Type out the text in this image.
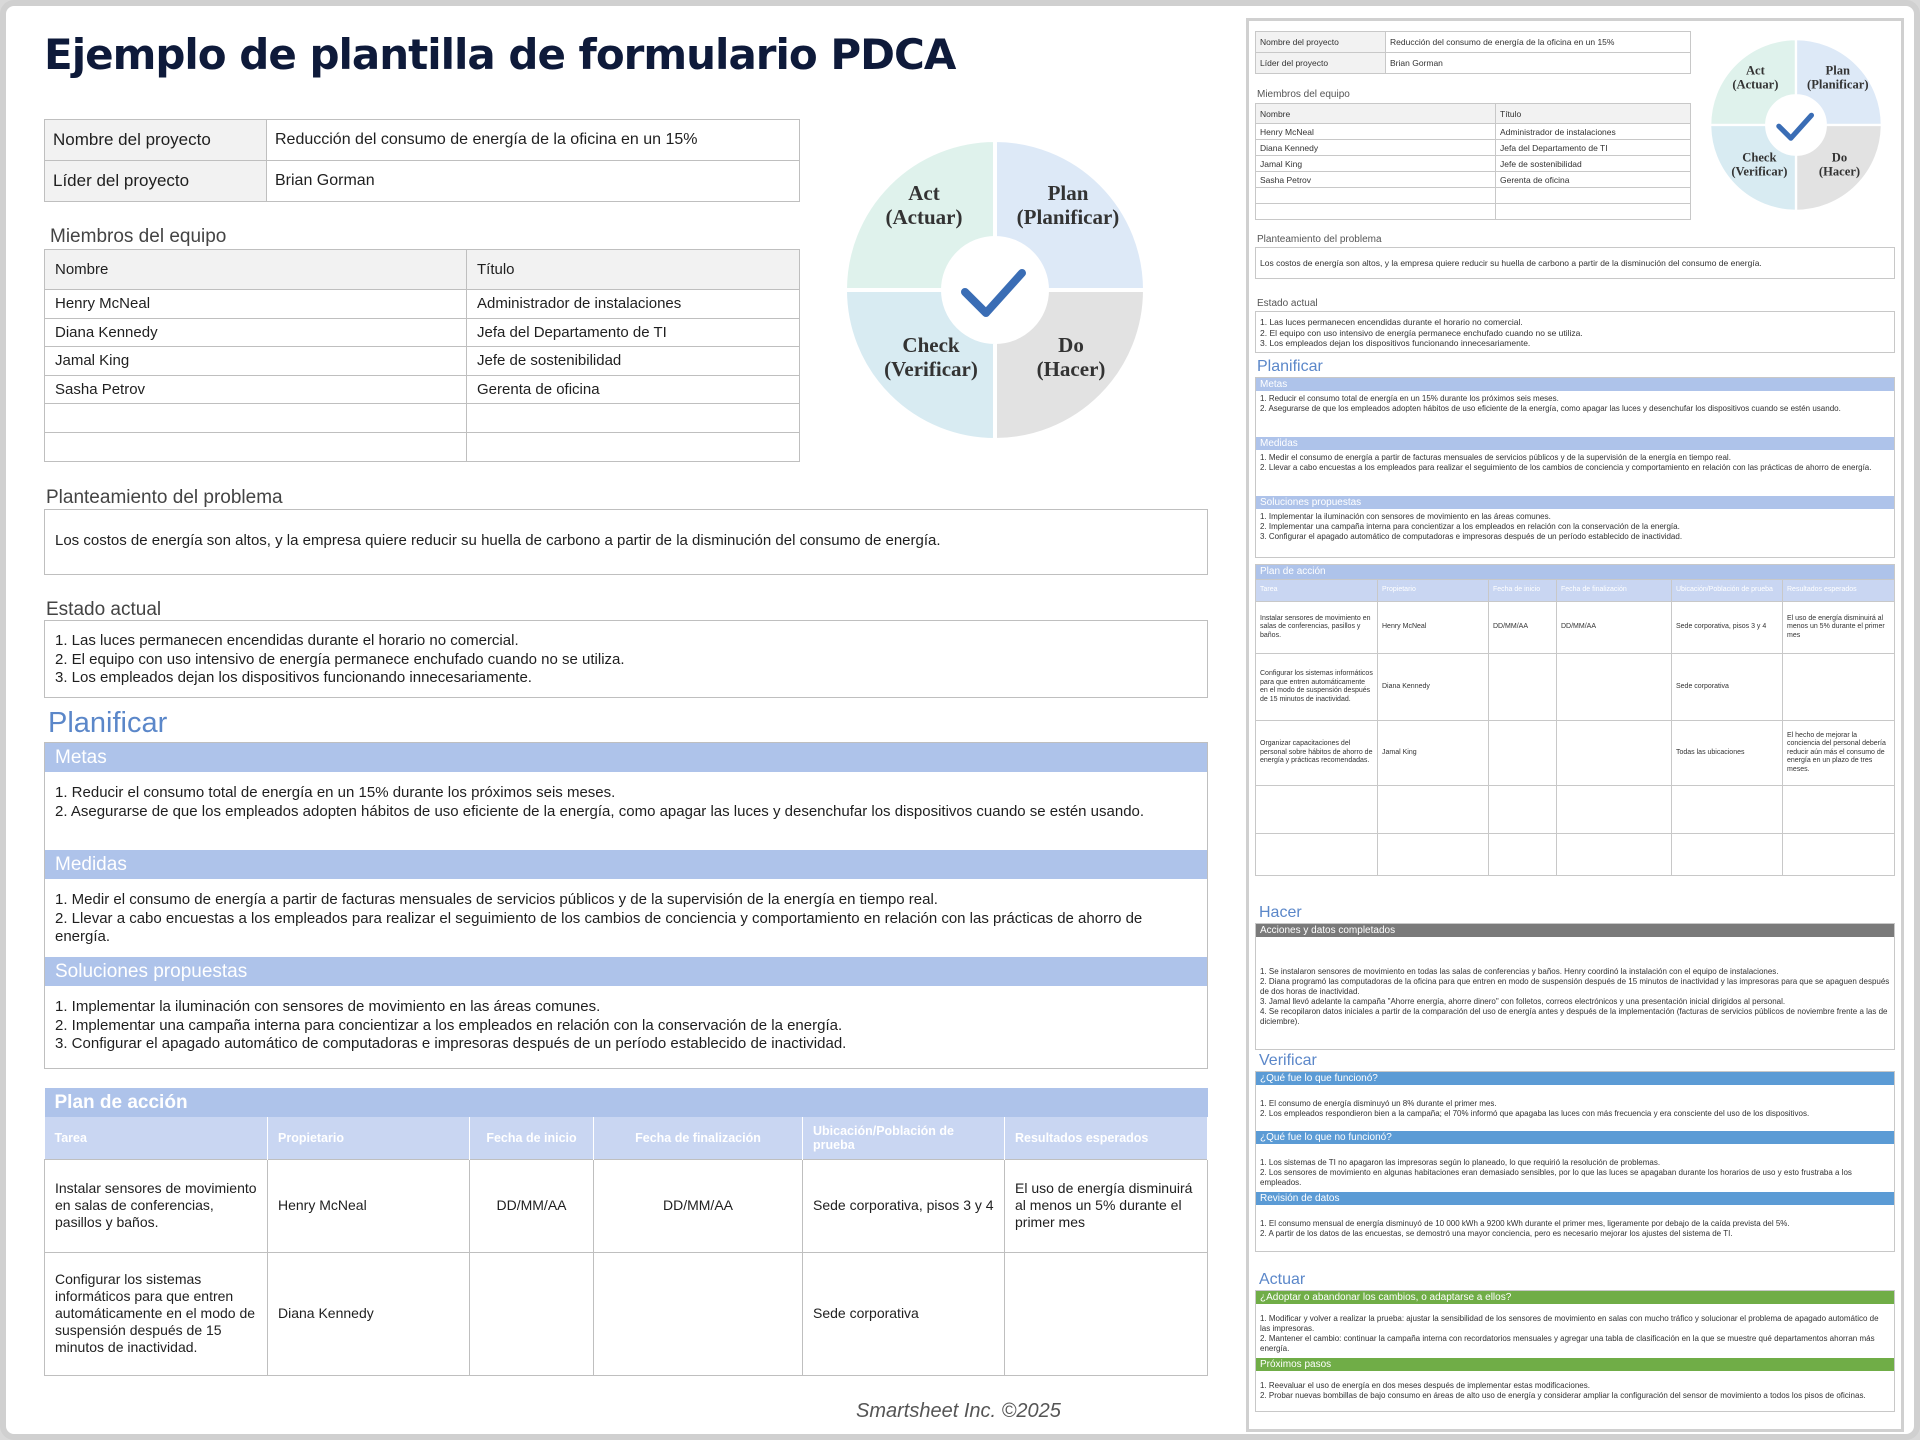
Ejemplo de plantilla de formulario PDCA
Nombre del proyecto	Reducción del consumo de energía de la oficina en un 15%
Líder del proyecto	Brian Gorman
Miembros del equipo
Nombre	Título
Henry McNeal	Administrador de instalaciones
Diana Kennedy	Jefa del Departamento de TI
Jamal King	Jefe de sostenibilidad
Sasha Petrov	Gerenta de oficina

Act
(Actuar)
Plan
(Planificar)
Check
(Verificar)
Do
(Hacer)
Planteamiento del problema
Los costos de energía son altos, y la empresa quiere reducir su huella de carbono a partir de la disminución del consumo de energía.
Estado actual
1. Las luces permanecen encendidas durante el horario no comercial.
2. El equipo con uso intensivo de energía permanece enchufado cuando no se utiliza.
3. Los empleados dejan los dispositivos funcionando innecesariamente.
Planificar
Metas
1. Reducir el consumo total de energía en un 15% durante los próximos seis meses.
2. Asegurarse de que los empleados adopten hábitos de uso eficiente de la energía, como apagar las luces y desenchufar los dispositivos cuando se estén usando.
Medidas
1. Medir el consumo de energía a partir de facturas mensuales de servicios públicos y de la supervisión de la energía en tiempo real.
2. Llevar a cabo encuestas a los empleados para realizar el seguimiento de los cambios de conciencia y comportamiento en relación con las prácticas de ahorro de energía.
Soluciones propuestas
1. Implementar la iluminación con sensores de movimiento en las áreas comunes.
2. Implementar una campaña interna para concientizar a los empleados en relación con la conservación de la energía.
3. Configurar el apagado automático de computadoras e impresoras después de un período establecido de inactividad.
Plan de acción					
Tarea	Propietario	Fecha de inicio	Fecha de finalización	Ubicación/Población de prueba	Resultados esperados
Instalar sensores de movimiento en salas de conferencias, pasillos y baños.	Henry McNeal	DD/MM/AA	DD/MM/AA	Sede corporativa, pisos 3 y 4	El uso de energía disminuirá al menos un 5% durante el primer mes
Configurar los sistemas informáticos para que entren automáticamente en el modo de suspensión después de 15 minutos de inactividad.	Diana Kennedy			Sede corporativa	
Smartsheet Inc. ©2025
Nombre del proyecto	Reducción del consumo de energía de la oficina en un 15%
Líder del proyecto	Brian Gorman
Miembros del equipo
Nombre	Título
Henry McNeal	Administrador de instalaciones
Diana Kennedy	Jefa del Departamento de TI
Jamal King	Jefe de sostenibilidad
Sasha Petrov	Gerenta de oficina

Act
(Actuar)
Plan
(Planificar)
Check
(Verificar)
Do
(Hacer)
Planteamiento del problema
Los costos de energía son altos, y la empresa quiere reducir su huella de carbono a partir de la disminución del consumo de energía.
Estado actual
1. Las luces permanecen encendidas durante el horario no comercial.
2. El equipo con uso intensivo de energía permanece enchufado cuando no se utiliza.
3. Los empleados dejan los dispositivos funcionando innecesariamente.
Planificar
Metas
1. Reducir el consumo total de energía en un 15% durante los próximos seis meses.
2. Asegurarse de que los empleados adopten hábitos de uso eficiente de la energía, como apagar las luces y desenchufar los dispositivos cuando se estén usando.
Medidas
1. Medir el consumo de energía a partir de facturas mensuales de servicios públicos y de la supervisión de la energía en tiempo real.
2. Llevar a cabo encuestas a los empleados para realizar el seguimiento de los cambios de conciencia y comportamiento en relación con las prácticas de ahorro de energía.
Soluciones propuestas
1. Implementar la iluminación con sensores de movimiento en las áreas comunes.
2. Implementar una campaña interna para concientizar a los empleados en relación con la conservación de la energía.
3. Configurar el apagado automático de computadoras e impresoras después de un período establecido de inactividad.
Plan de acción					
Tarea	Propietario	Fecha de inicio	Fecha de finalización	Ubicación/Población de prueba	Resultados esperados
Instalar sensores de movimiento en salas de conferencias, pasillos y baños.	Henry McNeal	DD/MM/AA	DD/MM/AA	Sede corporativa, pisos 3 y 4	El uso de energía disminuirá al menos un 5% durante el primer mes
Configurar los sistemas informáticos para que entren automáticamente en el modo de suspensión después de 15 minutos de inactividad.	Diana Kennedy			Sede corporativa	
Organizar capacitaciones del personal sobre hábitos de ahorro de energía y prácticas recomendadas.	Jamal King			Todas las ubicaciones	El hecho de mejorar la conciencia del personal debería reducir aún más el consumo de energía en un plazo de tres meses.

Hacer
Acciones y datos completados
1. Se instalaron sensores de movimiento en todas las salas de conferencias y baños. Henry coordinó la instalación con el equipo de instalaciones.
2. Diana programó las computadoras de la oficina para que entren en modo de suspensión después de 15 minutos de inactividad y las impresoras para que se apaguen después de dos horas de inactividad.
3. Jamal llevó adelante la campaña "Ahorre energía, ahorre dinero" con folletos, correos electrónicos y una presentación inicial dirigidos al personal.
4. Se recopilaron datos iniciales a partir de la comparación del uso de energía antes y después de la implementación (facturas de servicios públicos de noviembre frente a las de diciembre).
Verificar
¿Qué fue lo que funcionó?
1. El consumo de energía disminuyó un 8% durante el primer mes.
2. Los empleados respondieron bien a la campaña; el 70% informó que apagaba las luces con más frecuencia y era consciente del uso de los dispositivos.
¿Qué fue lo que no funcionó?
1. Los sistemas de TI no apagaron las impresoras según lo planeado, lo que requirió la resolución de problemas.
2. Los sensores de movimiento en algunas habitaciones eran demasiado sensibles, por lo que las luces se apagaban durante los horarios de uso y esto frustraba a los empleados.
Revisión de datos
1. El consumo mensual de energía disminuyó de 10 000 kWh a 9200 kWh durante el primer mes, ligeramente por debajo de la caída prevista del 5%.
2. A partir de los datos de las encuestas, se demostró una mayor conciencia, pero es necesario mejorar los ajustes del sistema de TI.
Actuar
¿Adoptar o abandonar los cambios, o adaptarse a ellos?
1. Modificar y volver a realizar la prueba: ajustar la sensibilidad de los sensores de movimiento en salas con mucho tráfico y solucionar el problema de apagado automático de las impresoras.
2. Mantener el cambio: continuar la campaña interna con recordatorios mensuales y agregar una tabla de clasificación en la que se muestre qué departamentos ahorran más energía.
Próximos pasos
1. Reevaluar el uso de energía en dos meses después de implementar estas modificaciones.
2. Probar nuevas bombillas de bajo consumo en áreas de alto uso de energía y considerar ampliar la configuración del sensor de movimiento a todos los pisos de oficinas.
